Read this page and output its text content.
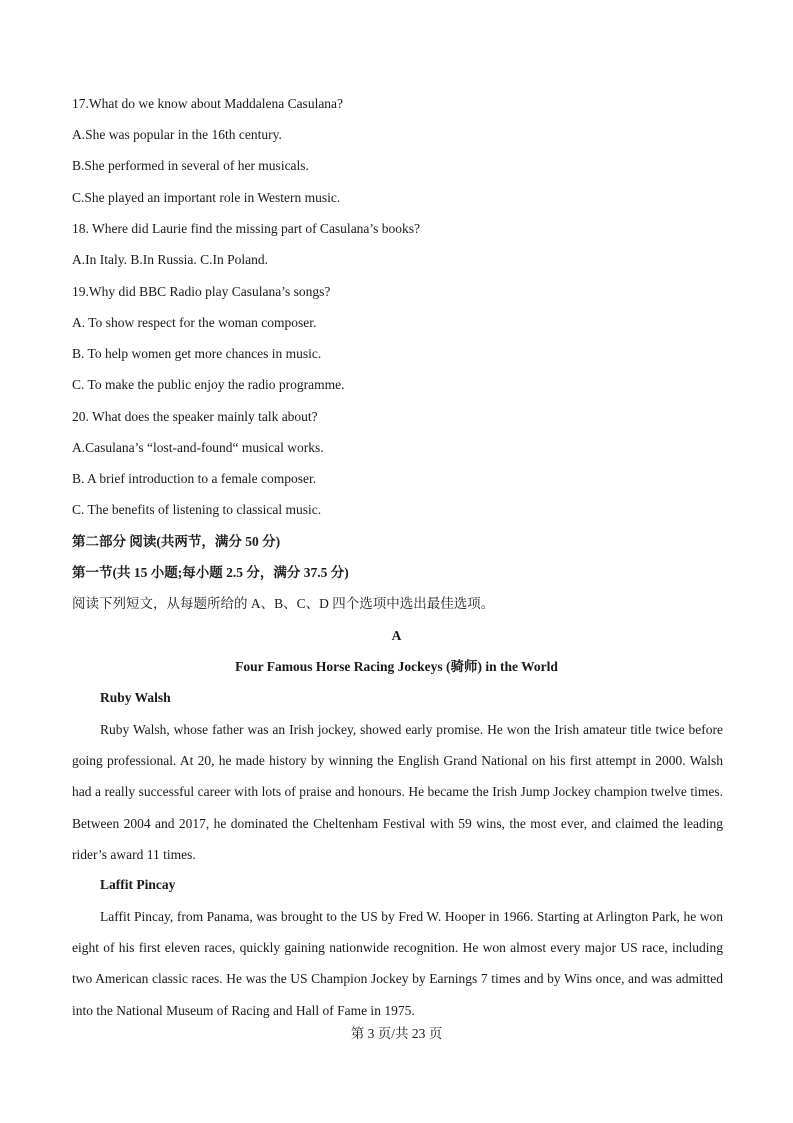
17.What do we know about Maddalena Casulana?
A.She was popular in the 16th century.
B.She performed in several of her musicals.
C.She played an important role in Western music.
18. Where did Laurie find the missing part of Casulana’s books?
A.In Italy. B.In Russia. C.In Poland.
19.Why did BBC Radio play Casulana’s songs?
A. To show respect for the woman composer.
B. To help women get more chances in music.
C. To make the public enjoy the radio programme.
20. What does the speaker mainly talk about?
A.Casulana’s “lost-and-found“ musical works.
B. A brief introduction to a female composer.
C. The benefits of listening to classical music.
第二部分 阅读(共两节，满分 50 分)
第一节(共 15 小题;每小题 2.5 分，满分 37.5 分)
阅读下列短文，从每题所给的 A、B、C、D 四个选项中选出最佳选项。
A
Four Famous Horse Racing Jockeys (骑师) in the World
Ruby Walsh

Ruby Walsh, whose father was an Irish jockey, showed early promise. He won the Irish amateur title twice before going professional. At 20, he made history by winning the English Grand National on his first attempt in 2000. Walsh had a really successful career with lots of praise and honours. He became the Irish Jump Jockey champion twelve times. Between 2004 and 2017, he dominated the Cheltenham Festival with 59 wins, the most ever, and claimed the leading rider’s award 11 times.

Laffit Pincay

Laffit Pincay, from Panama, was brought to the US by Fred W. Hooper in 1966. Starting at Arlington Park, he won eight of his first eleven races, quickly gaining nationwide recognition. He won almost every major US race, including two American classic races. He was the US Champion Jockey by Earnings 7 times and by Wins once, and was admitted into the National Museum of Racing and Hall of Fame in 1975.

第 3 页/共 23 页
